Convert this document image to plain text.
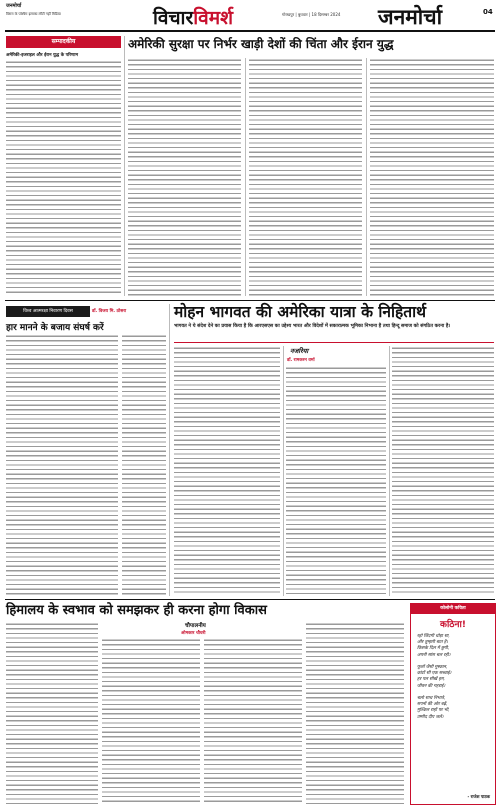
जनमोर्चा
विराम के पश्चिम इलाका लौटी नहीं मिडिया	विचार विमर्श	गोरखपुर | बुधवार | 18 दिसम्बर 2024 जनमोर्चा	04
सम्पादकीय
अमेरिकी-इजराइल और ईरान युद्ध के परिणाम
अमेरिकी सुरक्षा पर निर्भर खाड़ी देशों की चिंता और ईरान युद्ध
विश्व आत्मरक्षा निवारण दिवस	डॉ. विजय मि. ठोसरा
हार मानने के बजाय संघर्ष करें
मोहन भागवत की अमेरिका यात्रा के निहितार्थ
भागवत ने ये संदेश देने का प्रयास किया है कि आरएसएस का उद्देश्य भारत और विदेशों में सकारात्मक भूमिका निभाना है तथा हिन्दू समाज को संगठित करना है।
नजरिया
डॉ. रामकरन वर्मा
हिमालय के स्वभाव को समझकर ही करना होगा विकास
चौपालनीय
ओमकार चौधरी
कोलोनी कविता
कठिना!
रहो जिंदगी थोड़ा सा,
और तुम्हारी बात है।
किसके दिल में छुपी,
अपनी सांस चल रही।

फूलों जैसी मुस्कान,
कांटों सी एक सच्चाई।
हर पल सीखें हम,
जीवन की गहराई।

चलो साथ निभाते,
सपनों की ओर बढ़ें,
मुश्किल राहों पर भी,
उम्मीद दीप जलें।
- राजेश पाठक
